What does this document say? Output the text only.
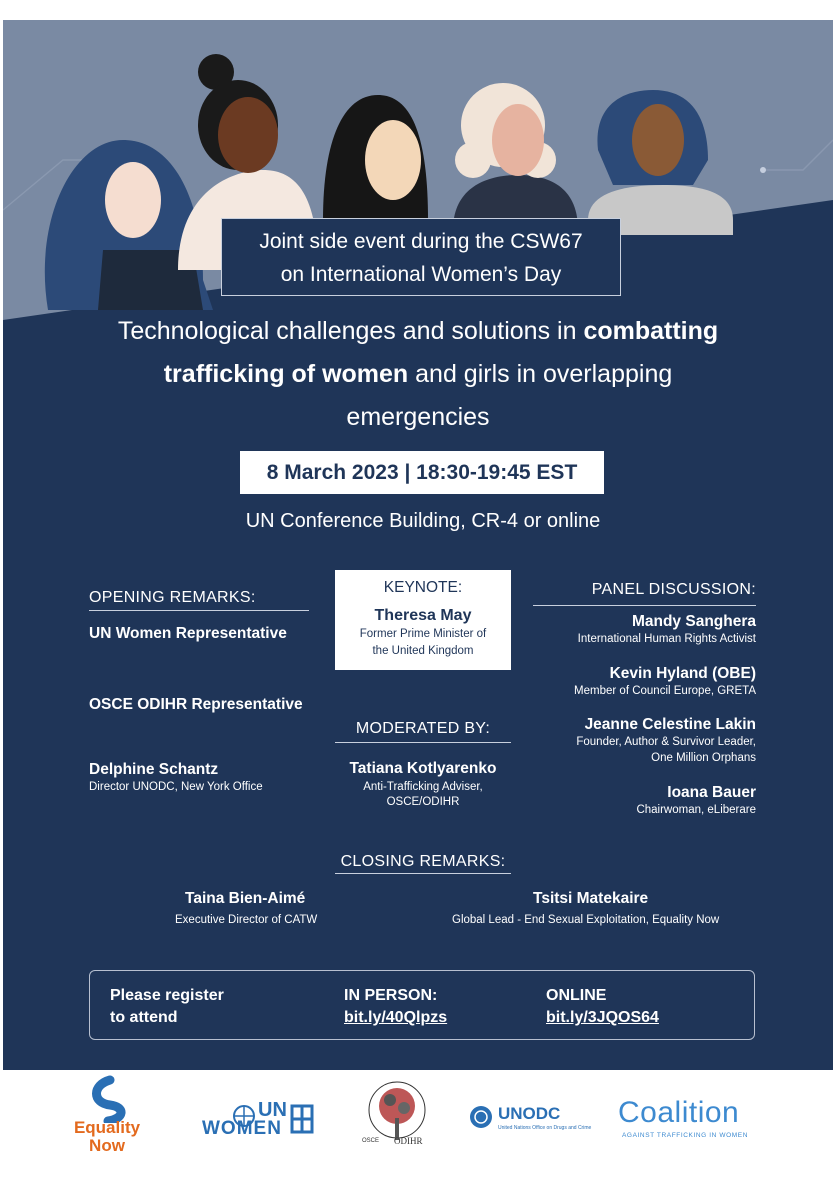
Joint side event during the CSW67
on International Women’s Day
Technological challenges and solutions in combatting
trafficking of women and girls in overlapping
emergencies
8 March 2023 | 18:30-19:45 EST
UN Conference Building, CR-4 or online
OPENING REMARKS:
UN Women Representative
OSCE ODIHR Representative
Delphine Schantz
Director UNODC, New York Office
KEYNOTE:
Theresa May
Former Prime Minister of
the United Kingdom
MODERATED BY:
Tatiana Kotlyarenko
Anti-Trafficking Adviser,
OSCE/ODIHR
PANEL DISCUSSION:
Mandy Sanghera
International Human Rights Activist
Kevin Hyland (OBE)
Member of Council Europe, GRETA
Jeanne Celestine Lakin
Founder, Author & Survivor Leader,
One Million Orphans
Ioana Bauer
Chairwoman, eLiberare
CLOSING REMARKS:
Taina Bien-Aimé
Executive Director of CATW
Tsitsi Matekaire
Global Lead - End Sexual Exploitation, Equality Now
Please register
to attend
IN PERSON:
bit.ly/40Qlpzs
ONLINE
bit.ly/3JQOS64
Equality
Now
UN
WOMEN
OSCE ODIHR
UNODC
United Nations Office on Drugs and Crime Coalition
AGAINST TRAFFICKING IN WOMEN
